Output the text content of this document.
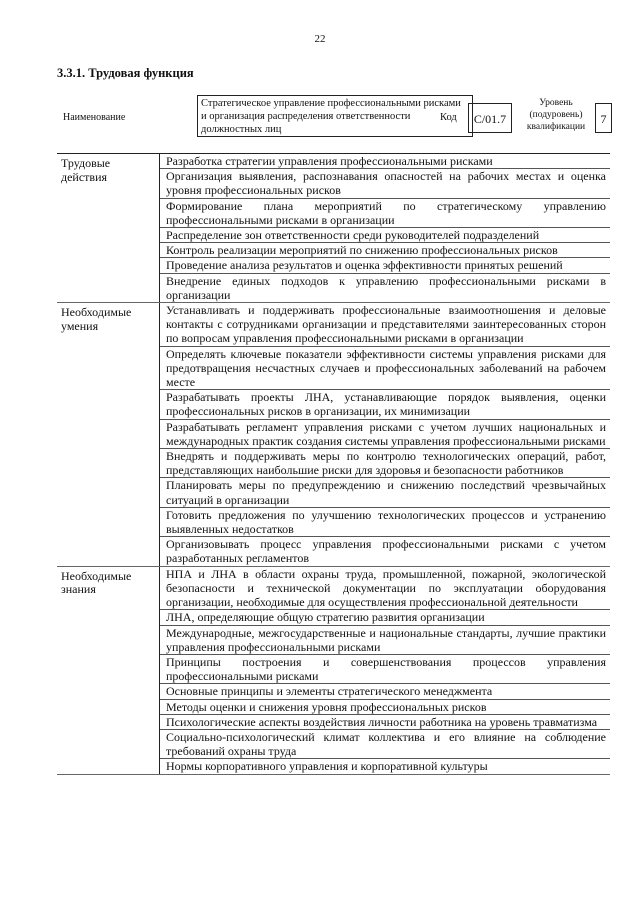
22
3.3.1. Трудовая функция
Наименование
Стратегическое управление профессиональными рисками и организация распределения ответственности должностных лиц
Код	C/01.7
Уровень (подуровень) квалификации
7
Трудовые действия
Разработка стратегии управления профессиональными рисками
Организация выявления, распознавания опасностей на рабочих местах и оценка уровня профессиональных рисков
Формирование плана мероприятий по стратегическому управлению профессиональными рисками в организации
Распределение зон ответственности среди руководителей подразделений
Контроль реализации мероприятий по снижению профессиональных рисков
Проведение анализа результатов и оценка эффективности принятых решений
Внедрение единых подходов к управлению профессиональными рисками в организации
Необходимые умения
Устанавливать и поддерживать профессиональные взаимоотношения и деловые контакты с сотрудниками организации и представителями заинтересованных сторон по вопросам управления профессиональными рисками в организации
Определять ключевые показатели эффективности системы управления рисками для предотвращения несчастных случаев и профессиональных заболеваний на рабочем месте
Разрабатывать проекты ЛНА, устанавливающие порядок выявления, оценки профессиональных рисков в организации, их минимизации
Разрабатывать регламент управления рисками с учетом лучших национальных и международных практик создания системы управления профессиональными рисками
Внедрять и поддерживать меры по контролю технологических операций, работ, представляющих наибольшие риски для здоровья и безопасности работников
Планировать меры по предупреждению и снижению последствий чрезвычайных ситуаций в организации
Готовить предложения по улучшению технологических процессов и устранению выявленных недостатков
Организовывать процесс управления профессиональными рисками с учетом разработанных регламентов
Необходимые знания
НПА и ЛНА в области охраны труда, промышленной, пожарной, экологической безопасности и технической документации по эксплуатации оборудования организации, необходимые для осуществления профессиональной деятельности
ЛНА, определяющие общую стратегию развития организации
Международные, межгосударственные и национальные стандарты, лучшие практики управления профессиональными рисками
Принципы построения и совершенствования процессов управления профессиональными рисками
Основные принципы и элементы стратегического менеджмента
Методы оценки и снижения уровня профессиональных рисков
Психологические аспекты воздействия личности работника на уровень травматизма
Социально-психологический климат коллектива и его влияние на соблюдение требований охраны труда
Нормы корпоративного управления и корпоративной культуры
